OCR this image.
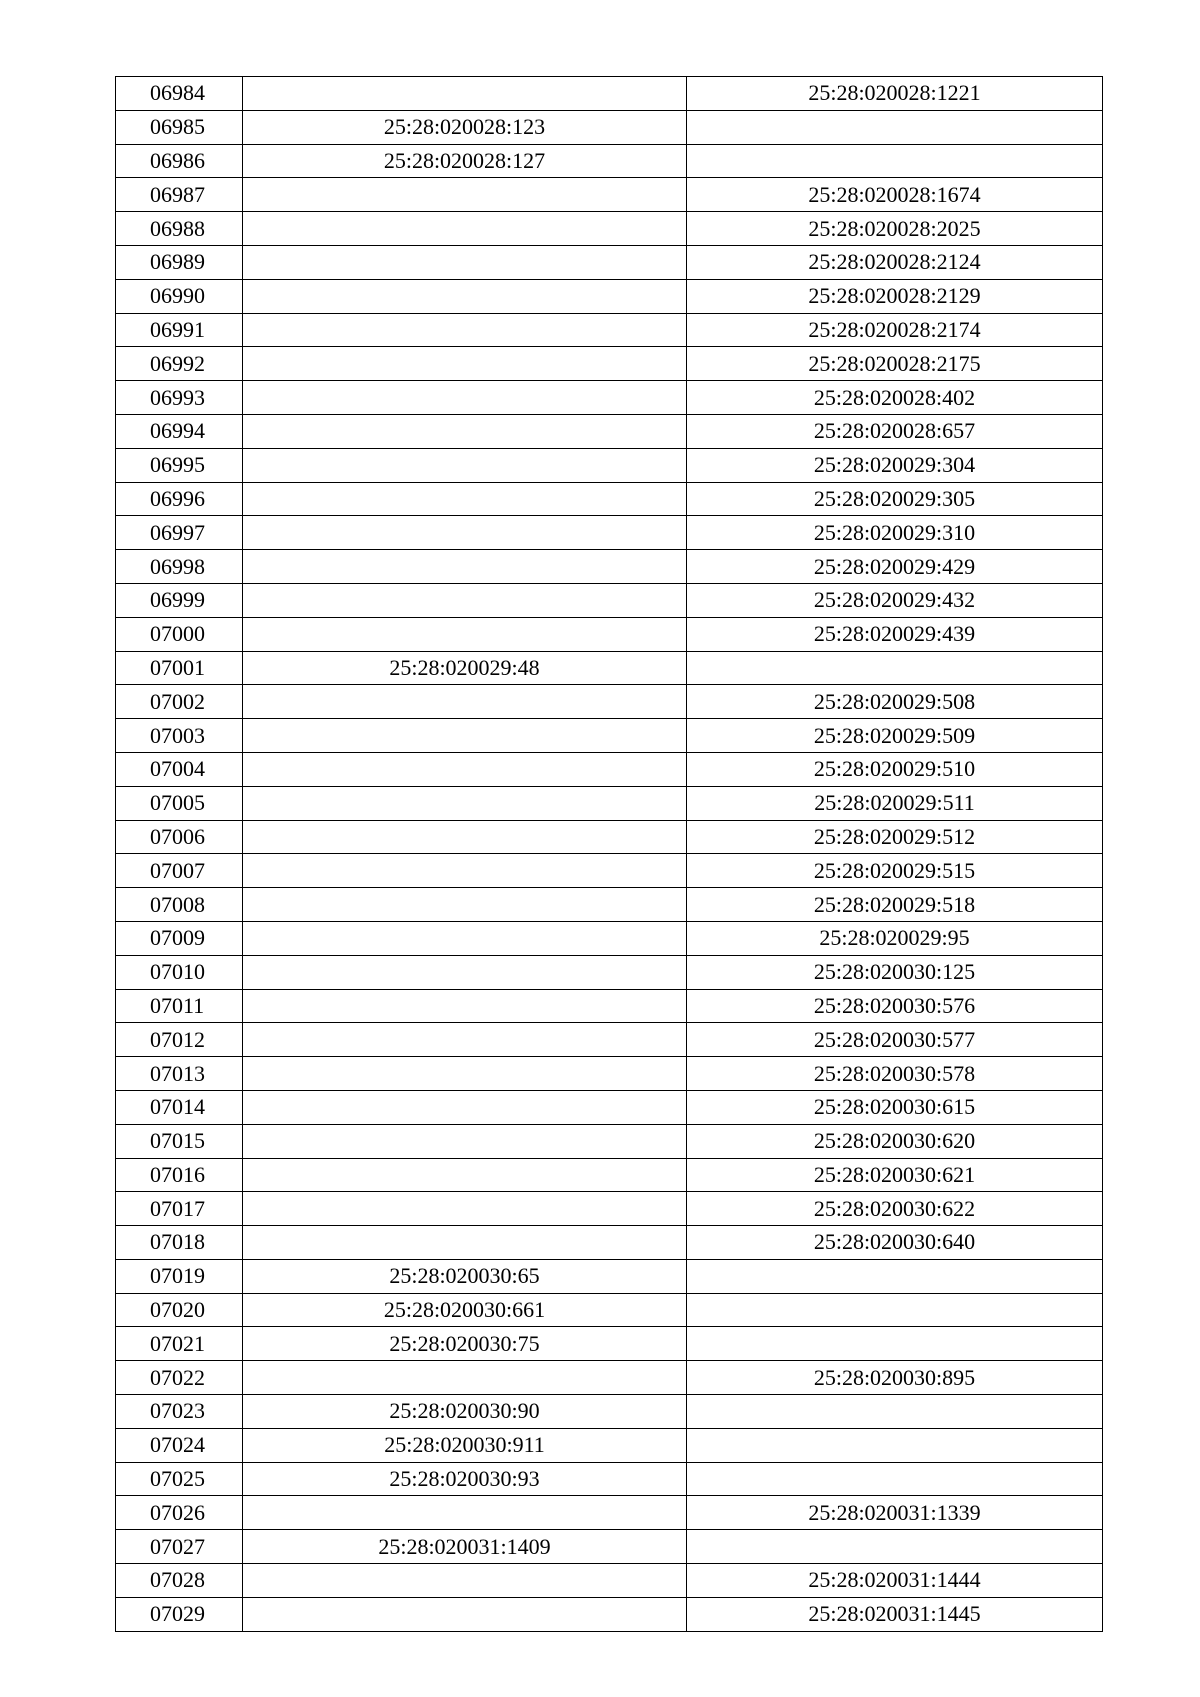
06984		25:28:020028:1221
06985	25:28:020028:123	
06986	25:28:020028:127	
06987		25:28:020028:1674
06988		25:28:020028:2025
06989		25:28:020028:2124
06990		25:28:020028:2129
06991		25:28:020028:2174
06992		25:28:020028:2175
06993		25:28:020028:402
06994		25:28:020028:657
06995		25:28:020029:304
06996		25:28:020029:305
06997		25:28:020029:310
06998		25:28:020029:429
06999		25:28:020029:432
07000		25:28:020029:439
07001	25:28:020029:48	
07002		25:28:020029:508
07003		25:28:020029:509
07004		25:28:020029:510
07005		25:28:020029:511
07006		25:28:020029:512
07007		25:28:020029:515
07008		25:28:020029:518
07009		25:28:020029:95
07010		25:28:020030:125
07011		25:28:020030:576
07012		25:28:020030:577
07013		25:28:020030:578
07014		25:28:020030:615
07015		25:28:020030:620
07016		25:28:020030:621
07017		25:28:020030:622
07018		25:28:020030:640
07019	25:28:020030:65	
07020	25:28:020030:661	
07021	25:28:020030:75	
07022		25:28:020030:895
07023	25:28:020030:90	
07024	25:28:020030:911	
07025	25:28:020030:93	
07026		25:28:020031:1339
07027	25:28:020031:1409	
07028		25:28:020031:1444
07029		25:28:020031:1445
